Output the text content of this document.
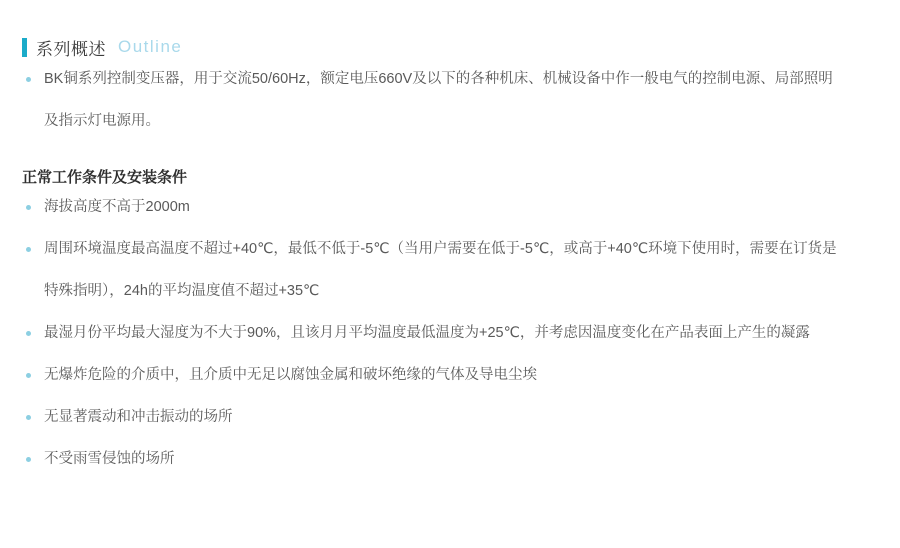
系列概述 Outline
BK铜系列控制变压器，用于交流50/60Hz，额定电压660V及以下的各种机床、机械设备中作一般电气的控制电源、局部照明及指示灯电源用。
正常工作条件及安装条件
海拔高度不高于2000m
周围环境温度最高温度不超过+40℃，最低不低于-5℃（当用户需要在低于-5℃，或高于+40℃环境下使用时，需要在订货是特殊指明），24h的平均温度值不超过+35℃
最湿月份平均最大湿度为不大于90%，且该月月平均温度最低温度为+25℃，并考虑因温度变化在产品表面上产生的凝露
无爆炸危险的介质中，且介质中无足以腐蚀金属和破坏绝缘的气体及导电尘埃
无显著震动和冲击振动的场所
不受雨雪侵蚀的场所
